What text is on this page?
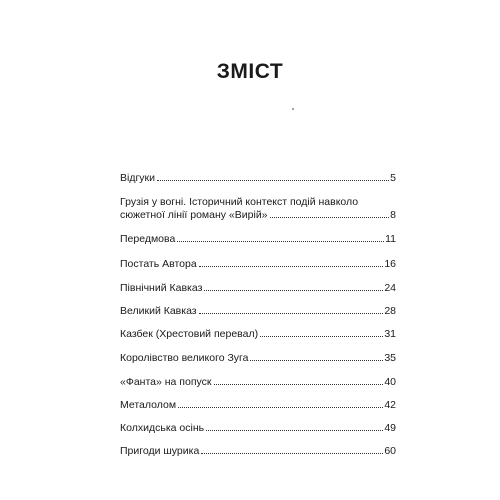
ЗМІСТ
Відгуки	5
Грузія у вогні. Історичний контекст подій навколо
сюжетної лінії роману «Вирій»	8
Передмова	11
Постать Автора	16
Північний Кавказ	24
Великий Кавказ	28
Казбек (Хрестовий перевал)	31
Королівство великого Зуга	35
«Фанта» на попуск	40
Металолом	42
Колхидська осінь	49
Пригоди шурика	60
